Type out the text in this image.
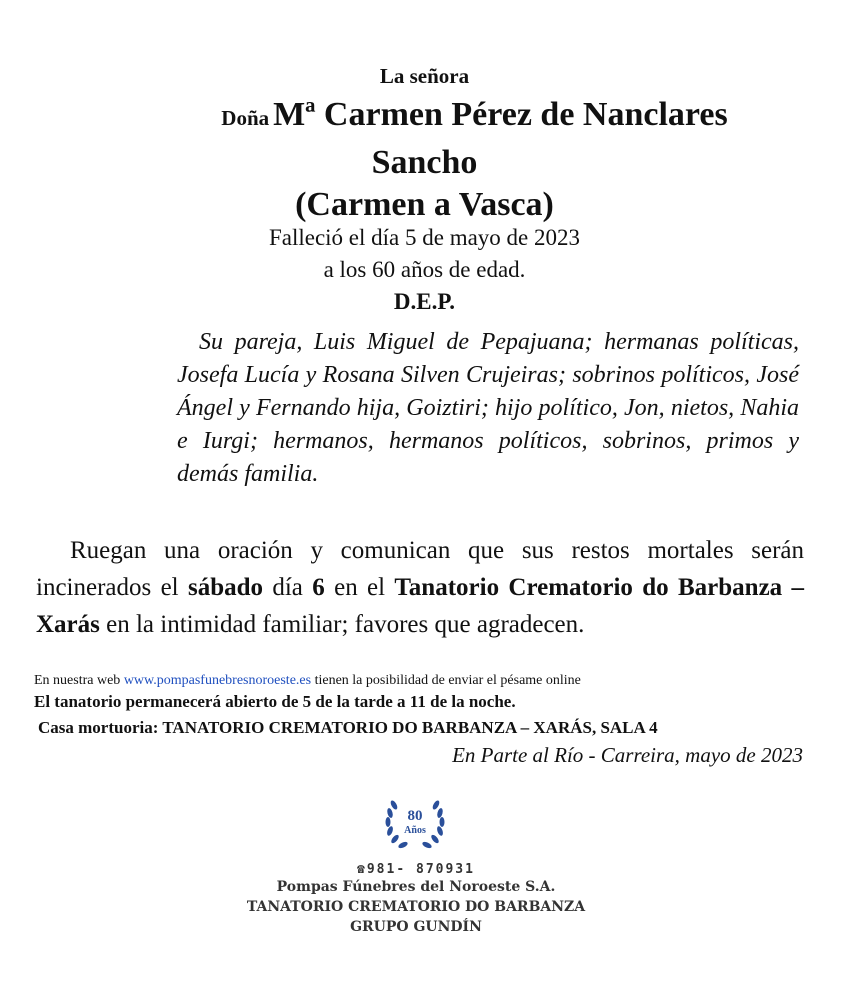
La señora
Doña Mª Carmen Pérez de Nanclares
Sancho
(Carmen a Vasca)
Falleció el día 5 de mayo de 2023
a los 60 años de edad.
D.E.P.
Su pareja, Luis Miguel de Pepajuana; hermanas políticas, Josefa Lucía y Rosana Silven Crujeiras; sobrinos políticos, José Ángel y Fernando hija, Goiztiri; hijo político, Jon, nietos, Nahia e Iurgi; hermanos, hermanos políticos, sobrinos, primos y demás familia.
Ruegan una oración y comunican que sus restos mortales serán incinerados el sábado día 6 en el Tanatorio Crematorio do Barbanza – Xarás en la intimidad familiar; favores que agradecen.
En nuestra web www.pompasfunebresnoroeste.es tienen la posibilidad de enviar el pésame online
El tanatorio permanecerá abierto de 5 de la tarde a 11 de la noche.
Casa mortuoria: TANATORIO CREMATORIO DO BARBANZA – XARÁS, SALA 4
En Parte al Río - Carreira, mayo de 2023
80
Años
☎981- 870931
Pompas Fúnebres del Noroeste S.A.
TANATORIO CREMATORIO DO BARBANZA
GRUPO GUNDÍN
